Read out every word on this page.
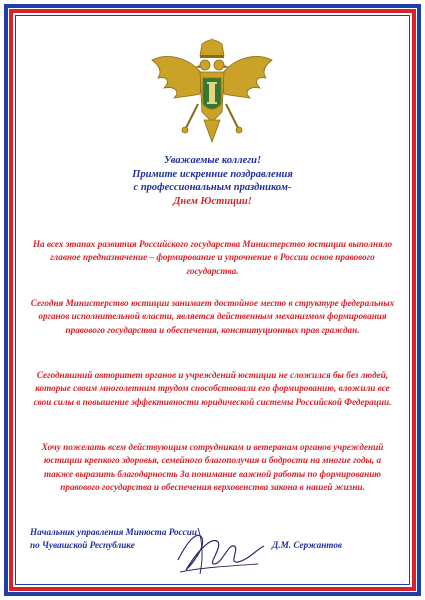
Уважаемые коллеги!
Примите искренние поздравления
с профессиональным праздником-
Днем Юстиции!
На всех этапах развития Российского государства Министерство юстиции выполняло главное предназначение – формирование и упрочнение в России основ правового государства.
Сегодня Министерство юстиции занимает достойное место в структуре федеральных органов исполнительной власти, является действенным механизмом формирования правового государства и обеспечения, конституционных прав граждан.
Сегодняшний авторитет органов и учреждений юстиции не сложился бы без людей, которые своим многолетним трудом способствовали его формированию, вложили все свои силы в повышение эффективности юридической системы Российской Федерации.
Хочу пожелать всем действующим сотрудникам и ветеранам органов учреждений юстиции крепкого здоровья, семейного благополучия и бодрости на многие годы, а также выразить благодарность За понимание важной работы по формированию правового государства и обеспечения верховенства закона в нашей жизни.
Начальник управления Минюста России
по Чувашской Республике	Д.М. Сержантов
